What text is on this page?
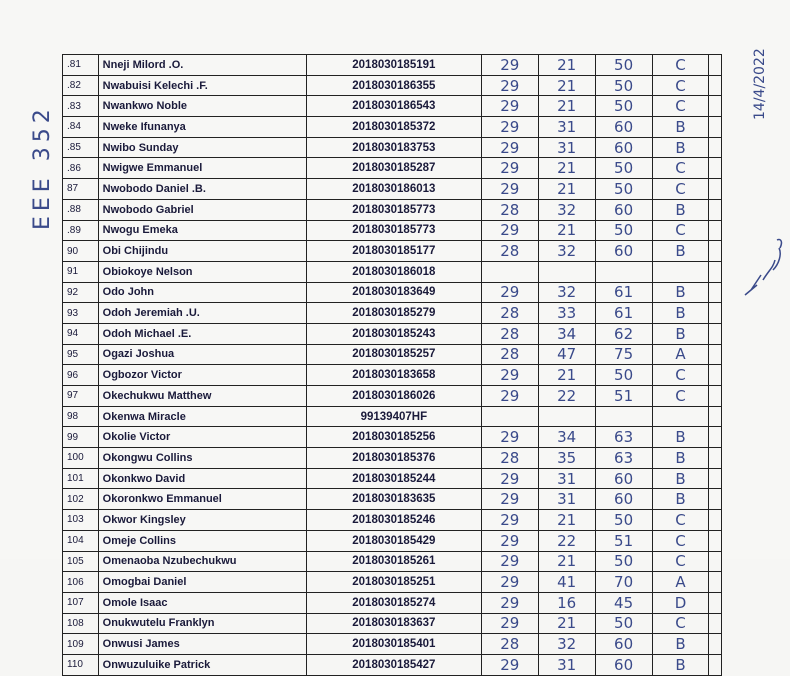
EEE 352
.81	Nneji Milord .O.	2018030185191	29	21	50	C	
.82	Nwabuisi Kelechi .F.	2018030186355	29	21	50	C	
.83	Nwankwo Noble	2018030186543	29	21	50	C	
.84	Nweke Ifunanya	2018030185372	29	31	60	B	
.85	Nwibo Sunday	2018030183753	29	31	60	B	
.86	Nwigwe Emmanuel	2018030185287	29	21	50	C	
87	Nwobodo Daniel .B.	2018030186013	29	21	50	C	
.88	Nwobodo Gabriel	2018030185773	28	32	60	B	
.89	Nwogu Emeka	2018030185773	29	21	50	C	
90	Obi Chijindu	2018030185177	28	32	60	B	
91	Obiokoye Nelson	2018030186018					
92	Odo John	2018030183649	29	32	61	B	
93	Odoh Jeremiah .U.	2018030185279	28	33	61	B	
94	Odoh Michael .E.	2018030185243	28	34	62	B	
95	Ogazi Joshua	2018030185257	28	47	75	A	
96	Ogbozor Victor	2018030183658	29	21	50	C	
97	Okechukwu Matthew	2018030186026	29	22	51	C	
98	Okenwa Miracle	99139407HF					
99	Okolie Victor	2018030185256	29	34	63	B	
100	Okongwu Collins	2018030185376	28	35	63	B	
101	Okonkwo David	2018030185244	29	31	60	B	
102	Okoronkwo Emmanuel	2018030183635	29	31	60	B	
103	Okwor Kingsley	2018030185246	29	21	50	C	
104	Omeje Collins	2018030185429	29	22	51	C	
105	Omenaoba Nzubechukwu	2018030185261	29	21	50	C	
106	Omogbai Daniel	2018030185251	29	41	70	A	
107	Omole Isaac	2018030185274	29	16	45	D	
108	Onukwutelu Franklyn	2018030183637	29	21	50	C	
109	Onwusi James	2018030185401	28	32	60	B	
110	Onwuzuluike Patrick	2018030185427	29	31	60	B	
14/4/2022
